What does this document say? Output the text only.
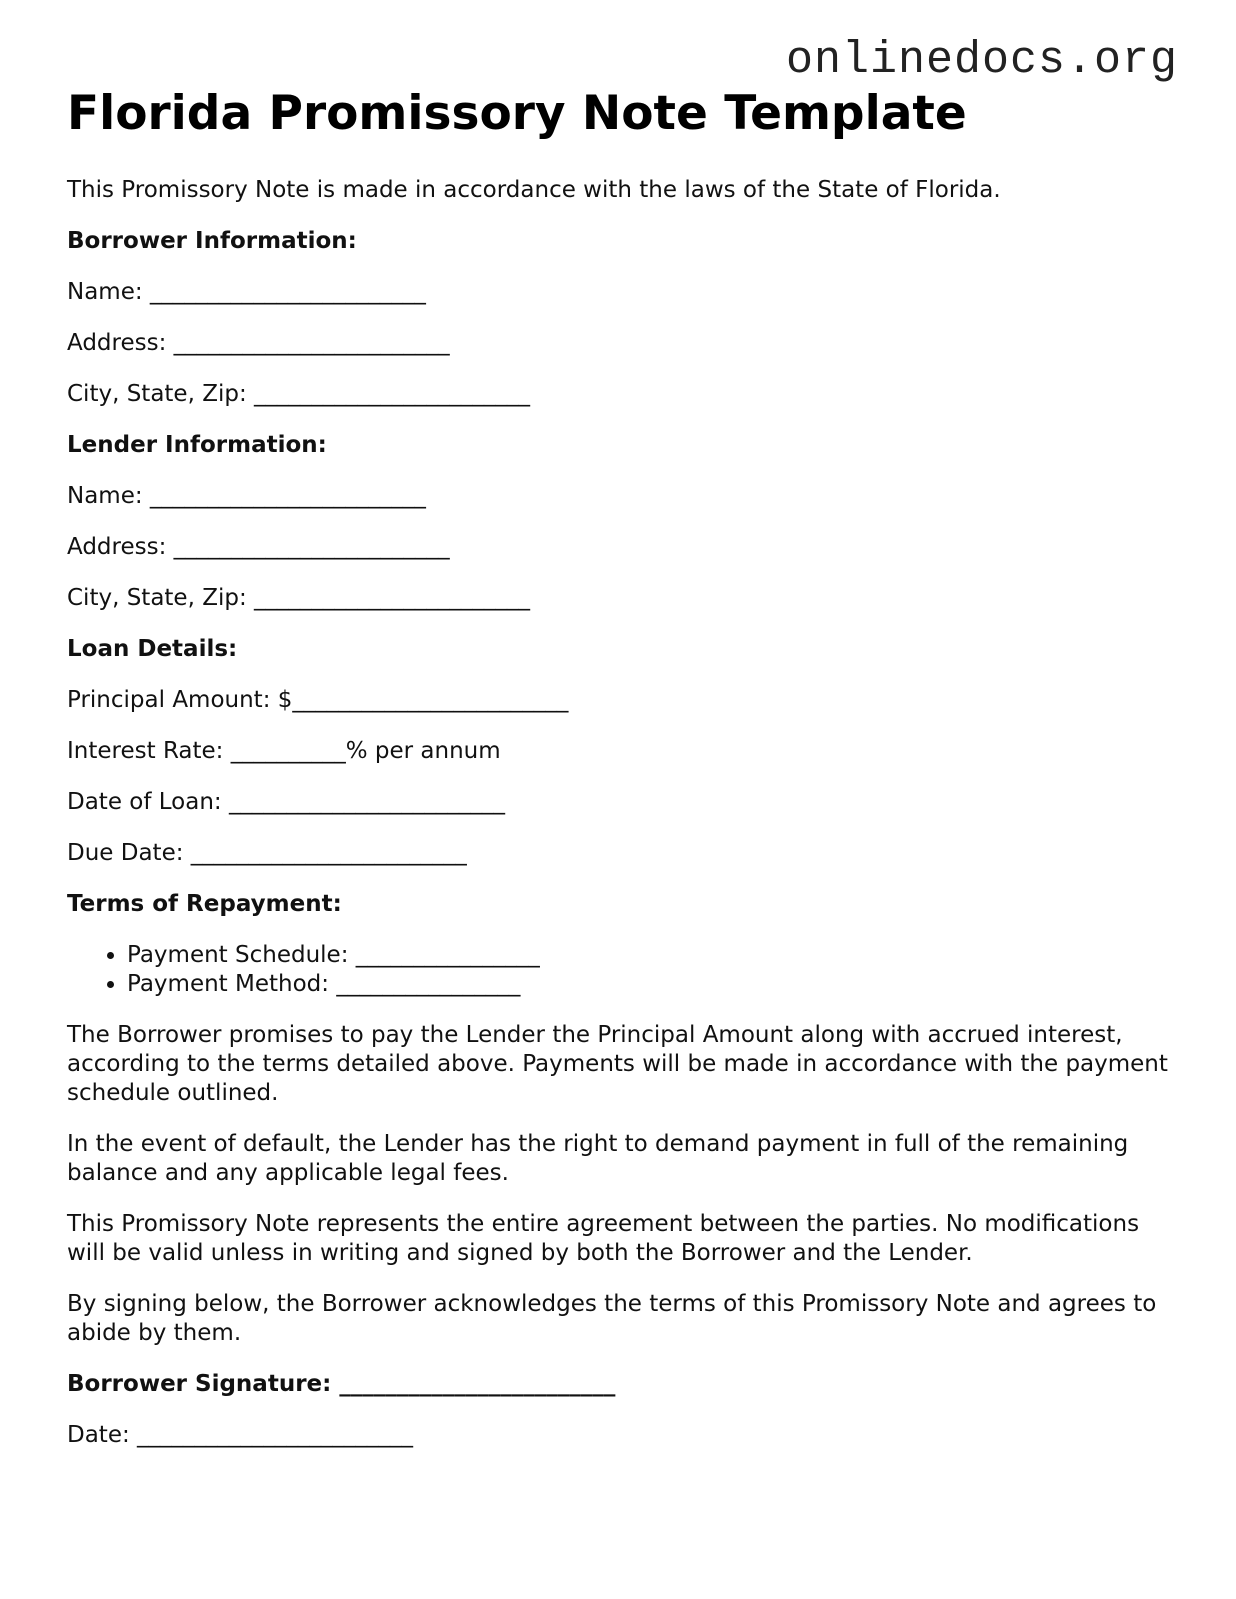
onlinedocs.org
Florida Promissory Note Template

This Promissory Note is made in accordance with the laws of the State of Florida.

Borrower Information:

Name: ________________________

Address: ________________________

City, State, Zip: ________________________

Lender Information:

Name: ________________________

Address: ________________________

City, State, Zip: ________________________

Loan Details:

Principal Amount: $________________________

Interest Rate: __________% per annum

Date of Loan: ________________________

Due Date: ________________________

Terms of Repayment:

• Payment Schedule: ________________
• Payment Method: ________________

The Borrower promises to pay the Lender the Principal Amount along with accrued interest, according to the terms detailed above. Payments will be made in accordance with the payment schedule outlined.

In the event of default, the Lender has the right to demand payment in full of the remaining balance and any applicable legal fees.

This Promissory Note represents the entire agreement between the parties. No modifications will be valid unless in writing and signed by both the Borrower and the Lender.

By signing below, the Borrower acknowledges the terms of this Promissory Note and agrees to abide by them.

Borrower Signature: ________________________

Date: ________________________
